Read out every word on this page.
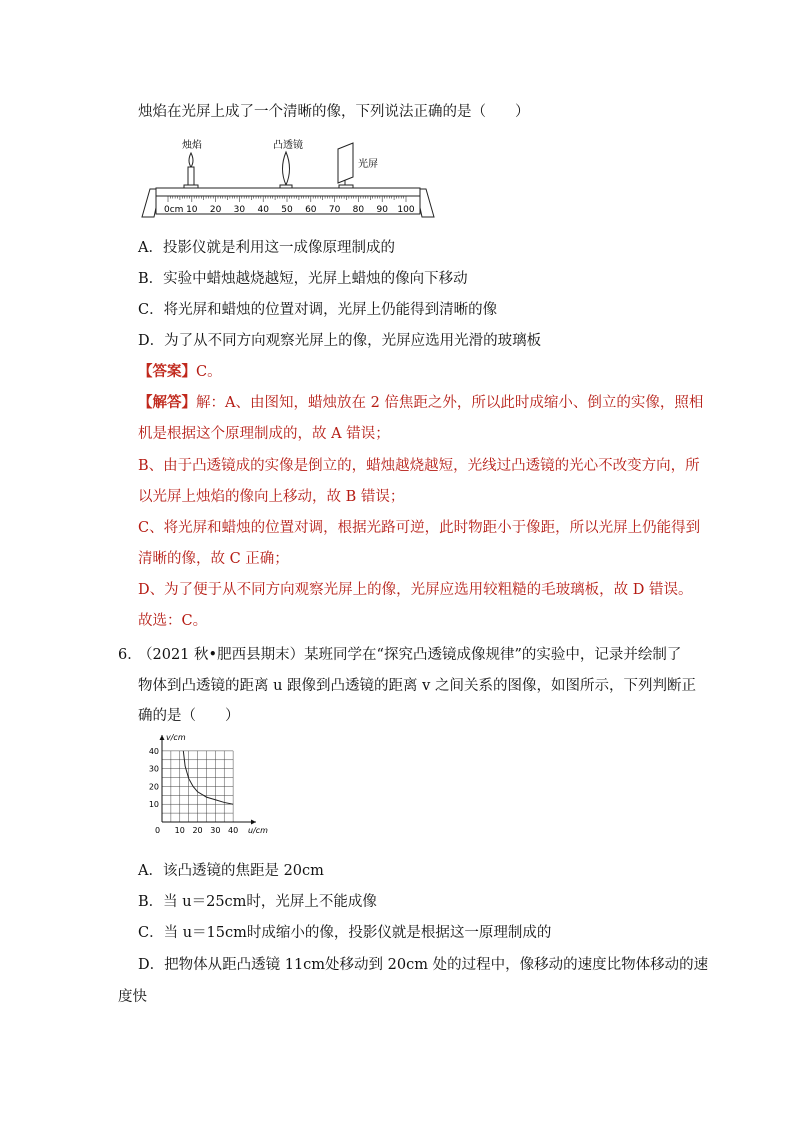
烛焰在光屏上成了一个清晰的像，下列说法正确的是（　　）
烛焰	凸透镜
光屏
0cm 10 20 30 40 50 60 70 80 90 100
A．投影仪就是利用这一成像原理制成的
B．实验中蜡烛越烧越短，光屏上蜡烛的像向下移动
C．将光屏和蜡烛的位置对调，光屏上仍能得到清晰的像
D．为了从不同方向观察光屏上的像，光屏应选用光滑的玻璃板
【答案】C。
【解答】解：A、由图知，蜡烛放在 2 倍焦距之外，所以此时成缩小、倒立的实像，照相
机是根据这个原理制成的，故 A 错误；
B、由于凸透镜成的实像是倒立的，蜡烛越烧越短，光线过凸透镜的光心不改变方向，所
以光屏上烛焰的像向上移动，故 B 错误；
C、将光屏和蜡烛的位置对调，根据光路可逆，此时物距小于像距，所以光屏上仍能得到
清晰的像，故 C 正确；
D、为了便于从不同方向观察光屏上的像，光屏应选用较粗糙的毛玻璃板，故 D 错误。
故选：C。
6．
（2021 秋•肥西县期末）某班同学在“探究凸透镜成像规律”的实验中，记录并绘制了
物体到凸透镜的距离 u 跟像到凸透镜的距离 v 之间关系的图像，如图所示，下列判断正
确的是（　　）
0 10 20 30 40
10
20
30
40
u/cm
v/cm
A．该凸透镜的焦距是 20cm
B．当 u＝25cm时，光屏上不能成像
C．当 u＝15cm时成缩小的像，投影仪就是根据这一原理制成的
D．把物体从距凸透镜 11cm处移动到 20cm 处的过程中，像移动的速度比物体移动的速
度快
